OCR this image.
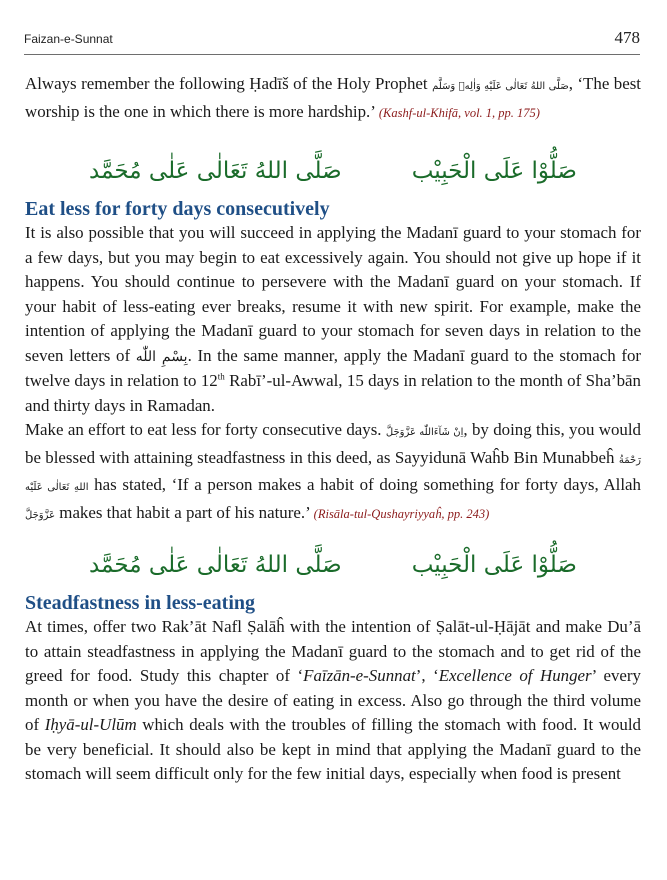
Faizan-e-Sunnat	478

Always remember the following Ḥadīš of the Holy Prophet صَلَّى اللهُ تَعَالٰى عَلَيْهِ وَاٰلِهٖ وَسَلَّم, ‘The best worship is the one in which there is more hardship.’ (Kashf-ul-Khifā, vol. 1, pp. 175)

صَلَّى اللهُ تَعَالٰى عَلٰى مُحَمَّد	صَلُّوْا عَلَى الْحَبِيْب
Eat less for forty days consecutively

It is also possible that you will succeed in applying the Madanī guard to your stomach for a few days, but you may begin to eat excessively again. You should not give up hope if it happens. You should continue to persevere with the Madanī guard on your stomach. If your habit of less-eating ever breaks, resume it with new spirit. For example, make the intention of applying the Madanī guard to your stomach for seven days in relation to the seven letters of بِسْمِ اللّٰه. In the same manner, apply the Madanī guard to the stomach for twelve days in relation to 12th Rabī’-ul-Awwal, 15 days in relation to the month of Sha’bān and thirty days in Ramadan.

Make an effort to eat less for forty consecutive days. اِنْ شَآءَاللّٰه عَزَّوَجَلَّ, by doing this, you would be blessed with attaining steadfastness in this deed, as Sayyidunā Waĥb Bin Munabbeĥ رَحْمَةُ اللهِ تَعَالٰى عَلَيْه has stated, ‘If a person makes a habit of doing something for forty days, Allah عَزَّوَجَلَّ makes that habit a part of his nature.’ (Risāla-tul-Qushayriyyaĥ, pp. 243)

صَلَّى اللهُ تَعَالٰى عَلٰى مُحَمَّد	صَلُّوْا عَلَى الْحَبِيْب
Steadfastness in less-eating

At times, offer two Rak’āt Nafl Ṣalāĥ with the intention of Ṣalāt-ul-Ḥājāt and make Du’ā to attain steadfastness in applying the Madanī guard to the stomach and to get rid of the greed for food. Study this chapter of ‘Faīzān-e-Sunnat’, ‘Excellence of Hunger’ every month or when you have the desire of eating in excess. Also go through the third volume of Iḥyā-ul-Ulūm which deals with the troubles of filling the stomach with food. It would be very beneficial. It should also be kept in mind that applying the Madanī guard to the stomach will seem difficult only for the few initial days, especially when food is present
